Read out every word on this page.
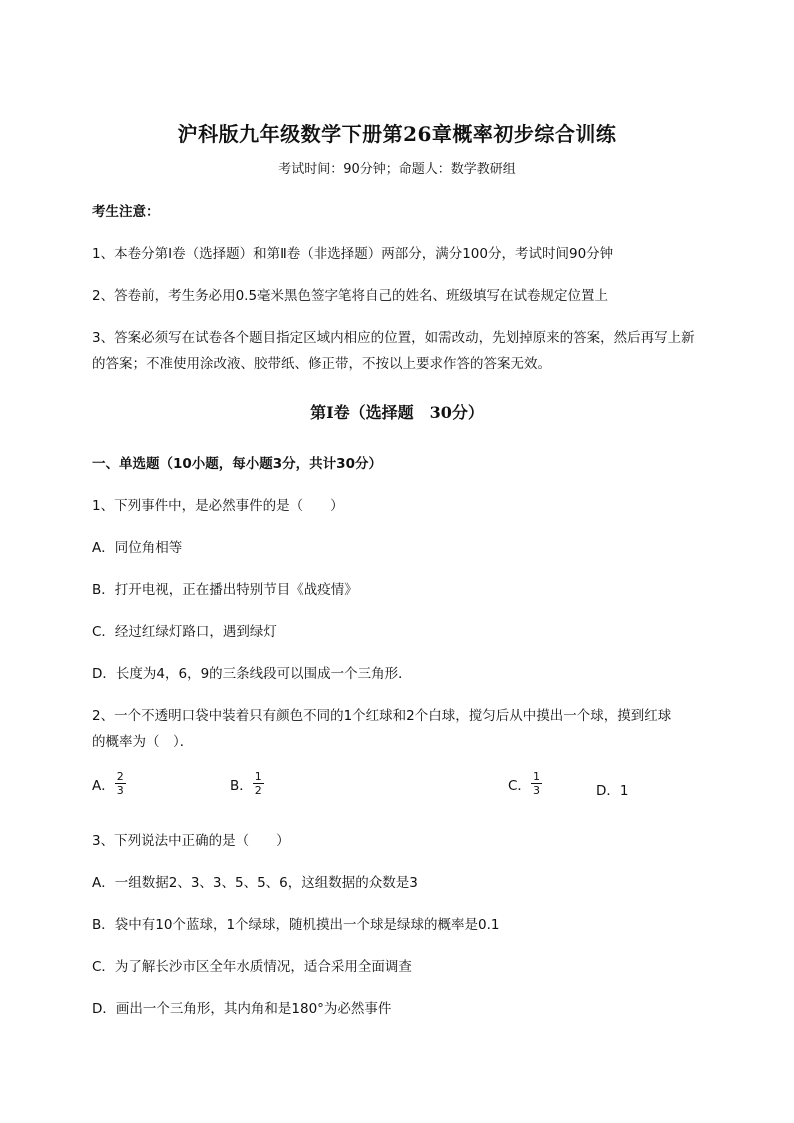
沪科版九年级数学下册第26章概率初步综合训练
考试时间：90分钟；命题人：数学教研组
考生注意：
1、本卷分第I卷（选择题）和第Ⅱ卷（非选择题）两部分，满分100分，考试时间90分钟
2、答卷前，考生务必用0.5毫米黑色签字笔将自己的姓名、班级填写在试卷规定位置上
3、答案必须写在试卷各个题目指定区域内相应的位置，如需改动，先划掉原来的答案，然后再写上新
的答案；不准使用涂改液、胶带纸、修正带，不按以上要求作答的答案无效。
第I卷（选择题　30分）
一、单选题（10小题，每小题3分，共计30分）
1、下列事件中，是必然事件的是（　　）
A．同位角相等
B．打开电视，正在播出特别节目《战疫情》
C．经过红绿灯路口，遇到绿灯
D．长度为4，6，9的三条线段可以围成一个三角形．
2、一个不透明口袋中装着只有颜色不同的1个红球和2个白球，搅匀后从中摸出一个球，摸到红球
的概率为（　）．
A． $\frac{2}{3}$	B． $\frac{1}{2}$	C． $\frac{1}{3}$	D．1
3、下列说法中正确的是（　　）
A．一组数据2、3、3、5、5、6，这组数据的众数是3
B．袋中有10个蓝球，1个绿球，随机摸出一个球是绿球的概率是0.1
C．为了解长沙市区全年水质情况，适合采用全面调查
D．画出一个三角形，其内角和是180°为必然事件
